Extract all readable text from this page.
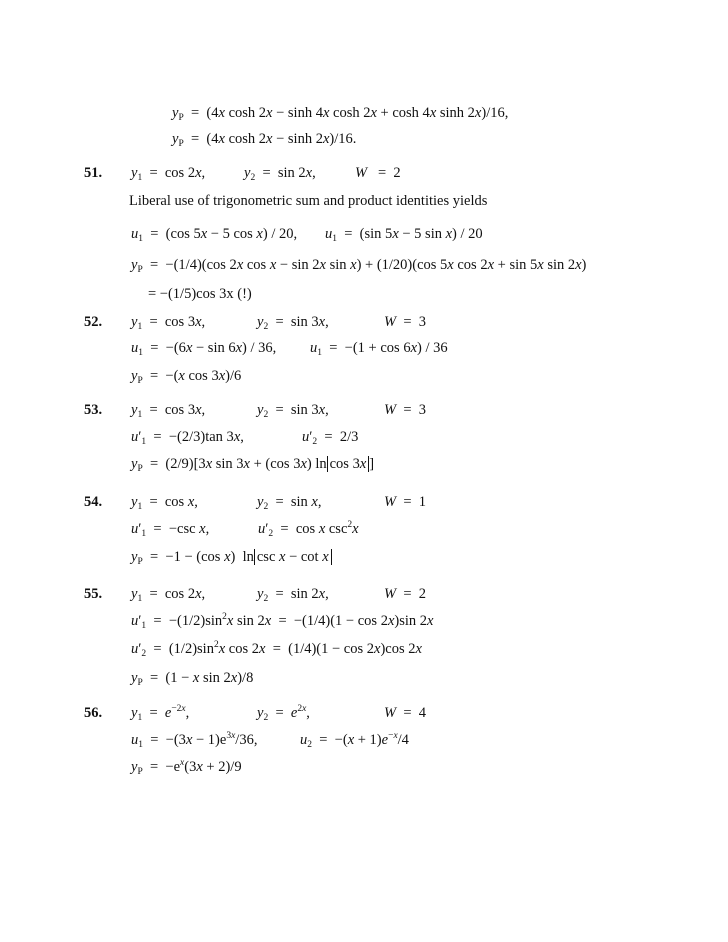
$y_P = (4x$ cosh 2x − sinh 4x cosh 2x + cosh 4x sinh 2x)/16,
$y_P = (4x$ cosh 2x − sinh 2x)/16.
51. $y_1 = \cos 2x$,	$y_2 = \sin 2x$,	W   =  2
Liberal use of trigonometric sum and product identities yields
$u_1 = (\cos$ 5x − 5 cos x) / 20, $u_1 = (\sin$ 5x − 5 sin x) / 20
$y_P = -(1/4)(\cos$ 2x cos x − sin 2x sin x) + (1/20)(cos 5x cos 2x + sin 5x sin 2x)
= −(1/5)cos 3x (!)
52. $y_1 = \cos 3x$,	$y_2 = \sin 3x$,	W  =  3
$u_1 = -(6x - \sin 6x) / 36$, $u_1 = -(1 + \cos 6x) / 36$
$y_P = -(x$ cos 3x)/6
53. $y_1 = \cos 3x$,	$y_2 = \sin 3x$,	W  =  3
$u'_1 = -(2/3)\tan$ 3x,	$u'_2 = 2/3$
$y_P = (2/9)[3x$ sin 3x + (cos 3x) ln cos 3x ]
54. $y_1 = \cos x$,	$y_2 = \sin x$,	W  =  1
$u'_1 = -\csc$ x,	$u'_2 = \cos x$ $\csc^2x$
$y_P = -1 - (\cos$ x)  ln csc x − cot x
55. $y_1 = \cos 2x$,	$y_2 = \sin 2x$,	W  =  2
$u'_1 = -(1/2)\sin^2x$ sin 2x  =  −(1/4)(1 − cos 2x)sin 2x
$u'_2 = (1/2)\sin^2x$ cos 2x  =  (1/4)(1 − cos 2x)cos 2x
$y_P = (1 - x$ sin 2x)/8
56. $y_1 = e^{-2x}$,	$y_2 = e^{2x}$,	W  =  4
$u_1 = -(3x - 1)e^{3x}/36$,	$u_2 = -(x + 1)e^{-x}/4$
$y_P = -e^x(3x + 2)/9$
